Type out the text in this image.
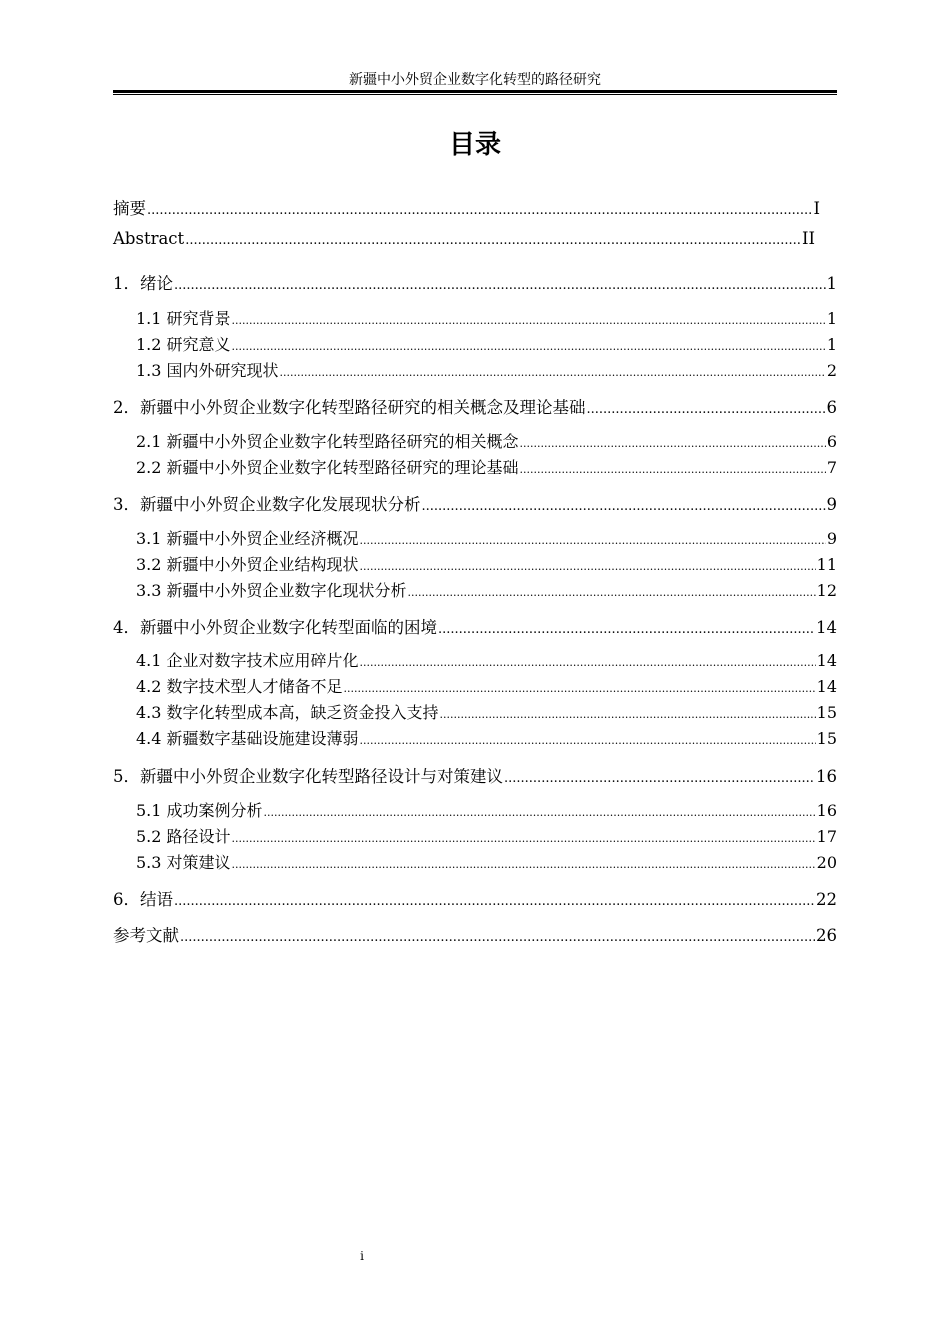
新疆中小外贸企业数字化转型的路径研究
目录
摘要 .....	I
Abstract .....	II
1．绪论 .....	1
1.1 研究背景 .....	1
1.2 研究意义 .....	1
1.3 国内外研究现状 .....	2
2．新疆中小外贸企业数字化转型路径研究的相关概念及理论基础 .....	6
2.1 新疆中小外贸企业数字化转型路径研究的相关概念 .....	6
2.2 新疆中小外贸企业数字化转型路径研究的理论基础 .....	7
3．新疆中小外贸企业数字化发展现状分析 .....	9
3.1 新疆中小外贸企业经济概况 .....	9
3.2 新疆中小外贸企业结构现状 .....	11
3.3 新疆中小外贸企业数字化现状分析 .....	12
4．新疆中小外贸企业数字化转型面临的困境 .....	14
4.1 企业对数字技术应用碎片化 .....	14
4.2 数字技术型人才储备不足 .....	14
4.3 数字化转型成本高，缺乏资金投入支持 .....	15
4.4 新疆数字基础设施建设薄弱 .....	15
5．新疆中小外贸企业数字化转型路径设计与对策建议 .....	16
5.1 成功案例分析 .....	16
5.2 路径设计 .....	17
5.3 对策建议 .....	20
6．结语 .....	22
参考文献 .....	26
i
